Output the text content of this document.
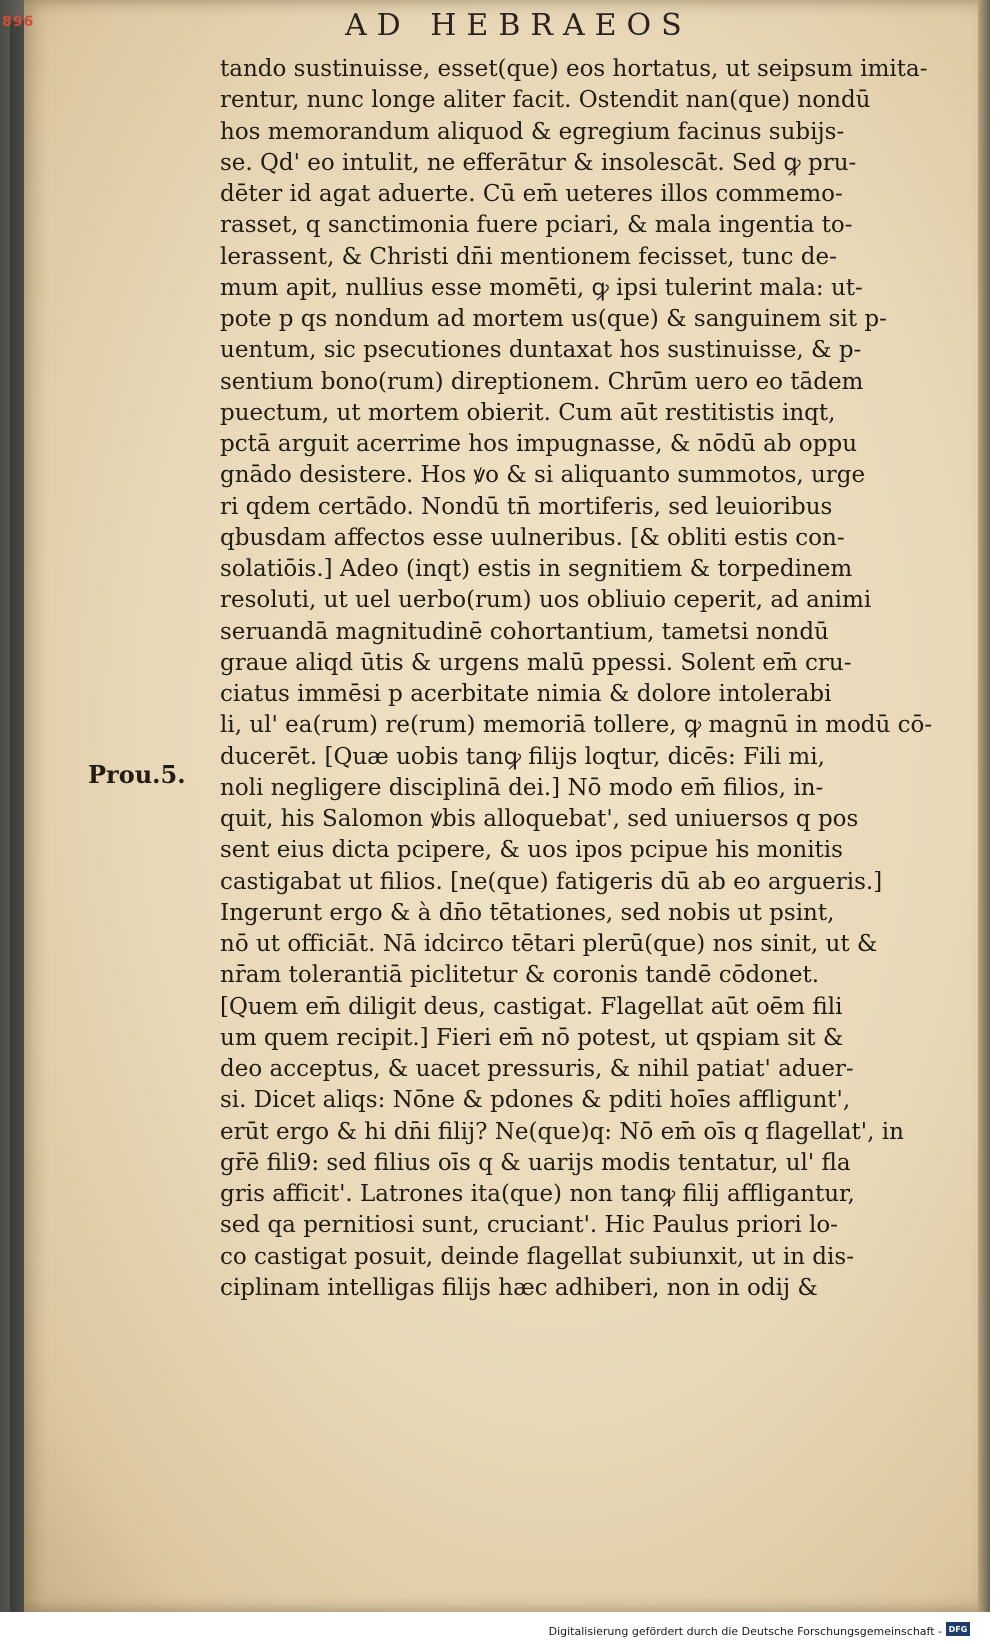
896	AD HEBRAEOS
Prou.5.
tando sustinuisse, esset(que) eos hortatus, ut seipsum imita-
rentur, nunc longe aliter facit. Ostendit nan(que) nondū
hos memorandum aliquod & egregium facinus subijs-
se. Qd' eo intulit, ne efferātur & insolescāt. Sed ꝙ pru-
dēter id agat aduerte. Cū em̄ ueteres illos commemo-
rasset, q sanctimonia fuere pciari, & mala ingentia to-
lerassent, & Christi dn̄i mentionem fecisset, tunc de-
mum apit, nullius esse momēti, ꝙ ipsi tulerint mala: ut-
pote p qs nondum ad mortem us(que) & sanguinem sit p-
uentum, sic psecutiones duntaxat hos sustinuisse, & p-
sentium bono(rum) direptionem. Chrūm uero eo tādem
puectum, ut mortem obierit. Cum aūt restitistis inqt,
pctā arguit acerrime hos impugnasse, & nōdū ab oppu
gnādo desistere. Hos ꝟo & si aliquanto summotos, urge
ri qdem certādo. Nondū tn̄ mortiferis, sed leuioribus
qbusdam affectos esse uulneribus. [& obliti estis con-
solatiōis.] Adeo (inqt) estis in segnitiem & torpedinem
resoluti, ut uel uerbo(rum) uos obliuio ceperit, ad animi
seruandā magnitudinē cohortantium, tametsi nondū
graue aliqd ūtis & urgens malū ppessi. Solent em̄ cru-
ciatus immēsi p acerbitate nimia & dolore intolerabi
li, ul' ea(rum) re(rum) memoriā tollere, ꝙ magnū in modū cō-
ducerēt. [Quæ uobis tanꝙ filijs loqtur, dicēs: Fili mi,
noli negligere disciplinā dei.] Nō modo em̄ filios, in-
quit, his Salomon ꝟbis alloquebat', sed uniuersos q pos
sent eius dicta pcipere, & uos ipos pcipue his monitis
castigabat ut filios. [ne(que) fatigeris dū ab eo argueris.]
Ingerunt ergo & à dn̄o tētationes, sed nobis ut psint,
nō ut officiāt. Nā idcirco tētari plerū(que) nos sinit, ut &
nr̄am tolerantiā piclitetur & coronis tandē cōdonet.
[Quem em̄ diligit deus, castigat. Flagellat aūt oēm fili
um quem recipit.] Fieri em̄ nō potest, ut qspiam sit &
deo acceptus, & uacet pressuris, & nihil patiat' aduer-
si. Dicet aliqs: Nōne & pdones & pditi hoīes affligunt',
erūt ergo & hi dn̄i filij? Ne(que)q: Nō em̄ oīs q flagellat', in
gr̄ē fili9: sed filius oīs q & uarijs modis tentatur, ul' fla
gris afficit'. Latrones ita(que) non tanꝙ filij affligantur,
sed qa pernitiosi sunt, cruciant'. Hic Paulus priori lo-
co castigat posuit, deinde flagellat subiunxit, ut in dis-
ciplinam intelligas filijs hæc adhiberi, non in odij &
Digitalisierung gefördert durch die Deutsche Forschungsgemeinschaft - DFG
